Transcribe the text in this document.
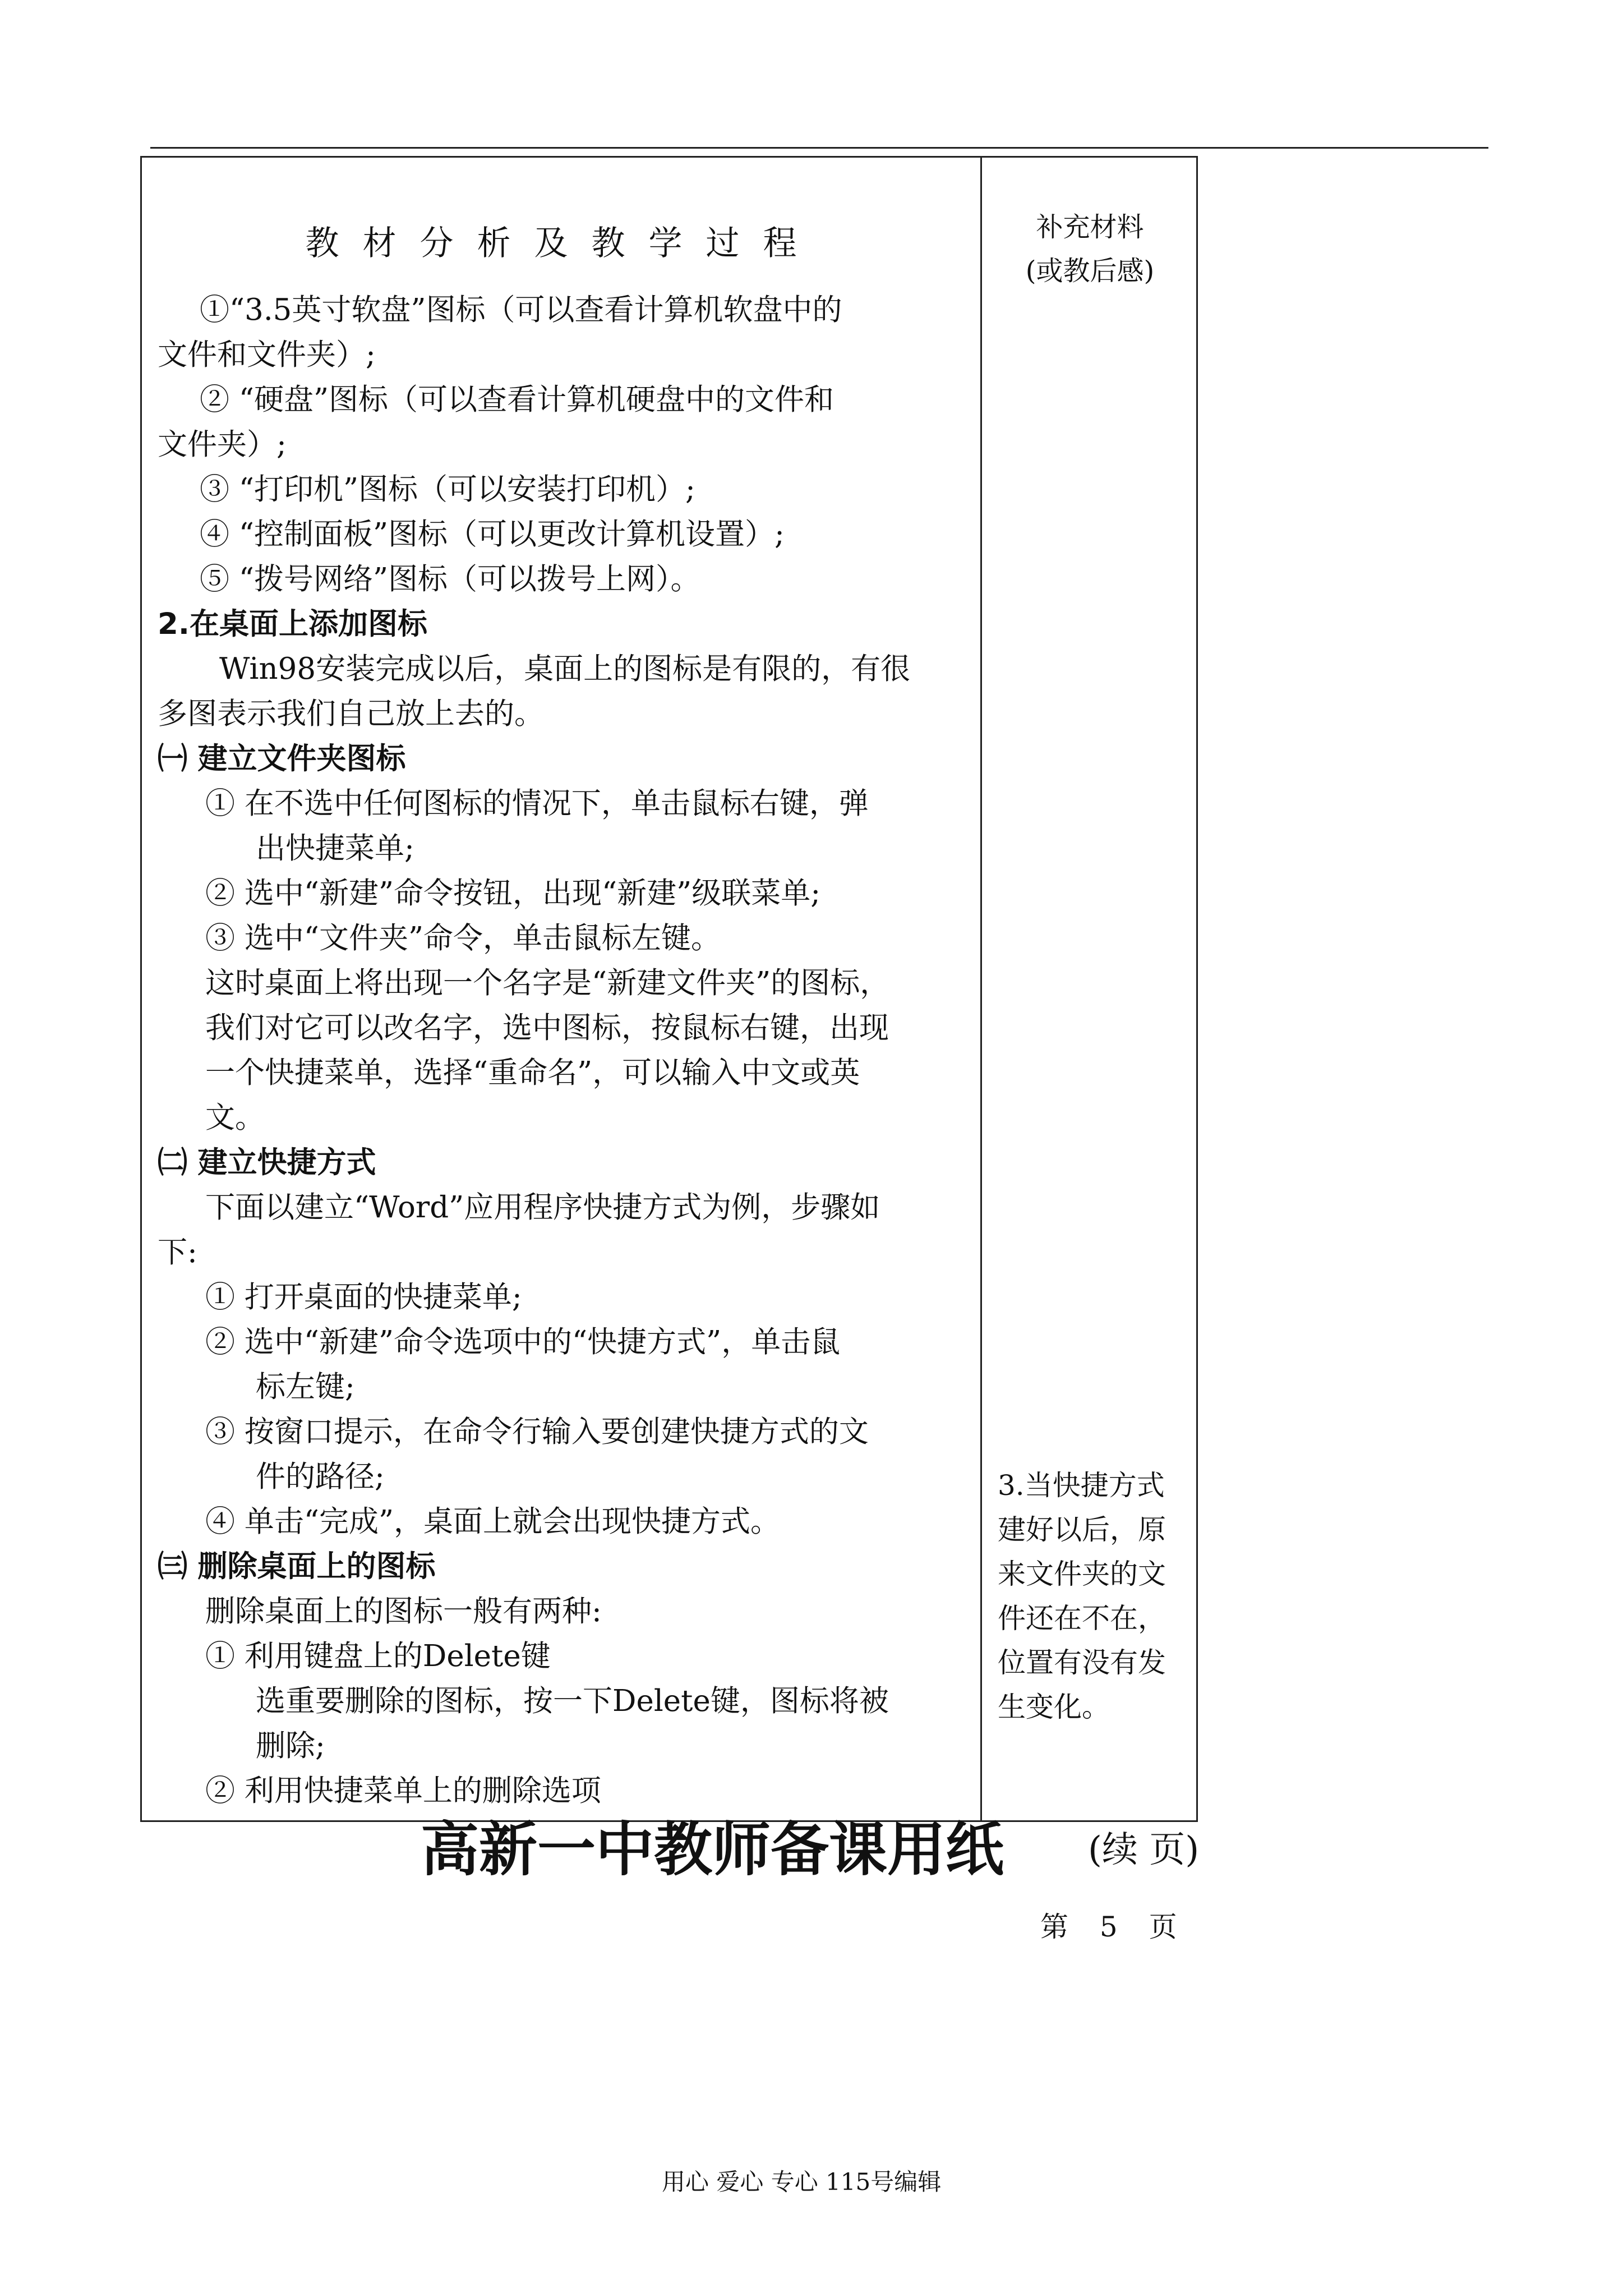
教材分析及教学过程
①“3.5英寸软盘”图标（可以查看计算机软盘中的
文件和文件夹）;
② “硬盘”图标（可以查看计算机硬盘中的文件和
文件夹）;
③ “打印机”图标（可以安装打印机）;
④ “控制面板”图标（可以更改计算机设置）;
⑤ “拨号网络”图标（可以拨号上网）。
2.在桌面上添加图标
Win98安装完成以后，桌面上的图标是有限的，有很
多图表示我们自己放上去的。
㈠ 建立文件夹图标
① 在不选中任何图标的情况下，单击鼠标右键，弹
出快捷菜单;
② 选中“新建”命令按钮，出现“新建”级联菜单;
③ 选中“文件夹”命令，单击鼠标左键。
这时桌面上将出现一个名字是“新建文件夹”的图标，
我们对它可以改名字，选中图标，按鼠标右键，出现
一个快捷菜单，选择“重命名”，可以输入中文或英
文。
㈡ 建立快捷方式
下面以建立“Word”应用程序快捷方式为例，步骤如
下:
① 打开桌面的快捷菜单;
② 选中“新建”命令选项中的“快捷方式”，单击鼠
标左键;
③ 按窗口提示，在命令行输入要创建快捷方式的文
件的路径;
④ 单击“完成”，桌面上就会出现快捷方式。
㈢ 删除桌面上的图标
删除桌面上的图标一般有两种:
① 利用键盘上的Delete键
选重要删除的图标，按一下Delete键，图标将被
删除;
② 利用快捷菜单上的删除选项
补充材料
(或教后感)
3.当快捷方式
建好以后，原
来文件夹的文
件还在不在，
位置有没有发
生变化。
高新一中教师备课用纸 (续 页)
第 5 页
用心 爱心 专心 115号编辑
